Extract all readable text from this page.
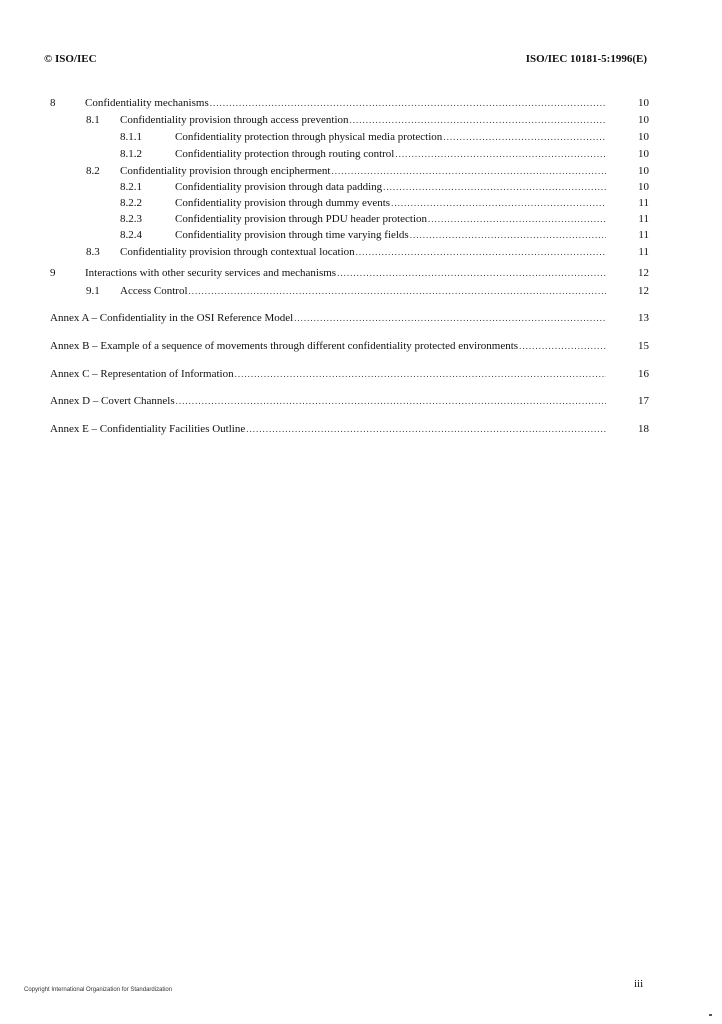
© ISO/IEC	ISO/IEC 10181-5:1996(E)
8	Confidentiality mechanisms .....	10
8.1 Confidentiality provision through access prevention .....	10
8.1.1	Confidentiality protection through physical media protection .....	10
8.1.2	Confidentiality protection through routing control .....	10
8.2 Confidentiality provision through encipherment .....	10
8.2.1	Confidentiality provision through data padding .....	10
8.2.2	Confidentiality provision through dummy events .....	11
8.2.3	Confidentiality provision through PDU header protection .....	11
8.2.4	Confidentiality provision through time varying fields .....	11
8.3 Confidentiality provision through contextual location .....	11
9	Interactions with other security services and mechanisms .....	12
9.1 Access Control .....	12
Annex A – Confidentiality in the OSI Reference Model .....	13
Annex B – Example of a sequence of movements through different confidentiality protected environments .....	15
Annex C – Representation of Information .....	16
Annex D – Covert Channels .....	17
Annex E – Confidentiality Facilities Outline .....	18
Copyright International Organization for Standardization	iii
